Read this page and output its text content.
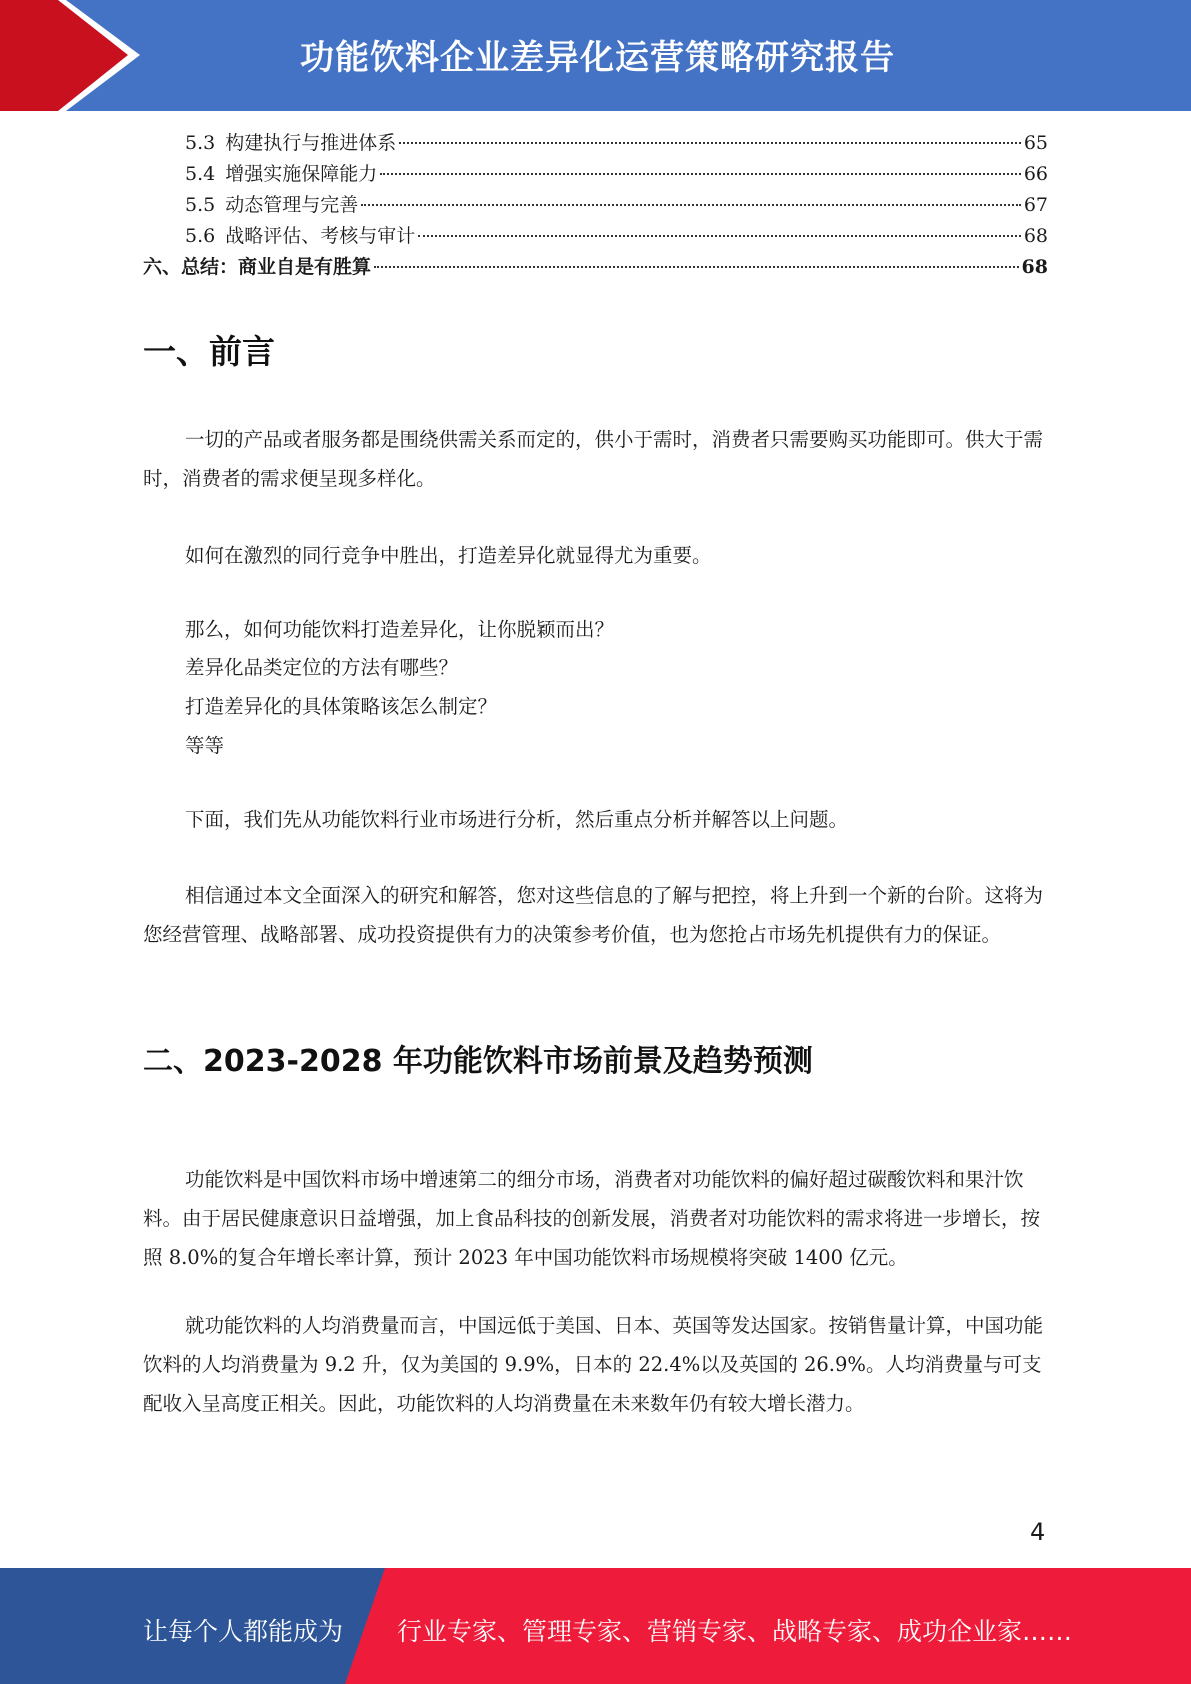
功能饮料企业差异化运营策略研究报告
5.3 构建执行与推进体系	65
5.4 增强实施保障能力	66
5.5 动态管理与完善	67
5.6 战略评估、考核与审计	68
六、总结：商业自是有胜算	68
一、前言

一切的产品或者服务都是围绕供需关系而定的，供小于需时，消费者只需要购买功能即可。供大于需时，消费者的需求便呈现多样化。

如何在激烈的同行竞争中胜出，打造差异化就显得尤为重要。

那么，如何功能饮料打造差异化，让你脱颖而出？
差异化品类定位的方法有哪些？
打造差异化的具体策略该怎么制定？
等等

下面，我们先从功能饮料行业市场进行分析，然后重点分析并解答以上问题。

相信通过本文全面深入的研究和解答，您对这些信息的了解与把控，将上升到一个新的台阶。这将为您经营管理、战略部署、成功投资提供有力的决策参考价值，也为您抢占市场先机提供有力的保证。

二、2023-2028 年功能饮料市场前景及趋势预测

功能饮料是中国饮料市场中增速第二的细分市场，消费者对功能饮料的偏好超过碳酸饮料和果汁饮料。由于居民健康意识日益增强，加上食品科技的创新发展，消费者对功能饮料的需求将进一步增长，按照 8.0%的复合年增长率计算，预计 2023 年中国功能饮料市场规模将突破 1400 亿元。

就功能饮料的人均消费量而言，中国远低于美国、日本、英国等发达国家。按销售量计算，中国功能饮料的人均消费量为 9.2 升，仅为美国的 9.9%，日本的 22.4%以及英国的 26.9%。人均消费量与可支配收入呈高度正相关。因此，功能饮料的人均消费量在未来数年仍有较大增长潜力。

4
让每个人都能成为 行业专家、管理专家、营销专家、战略专家、成功企业家……
